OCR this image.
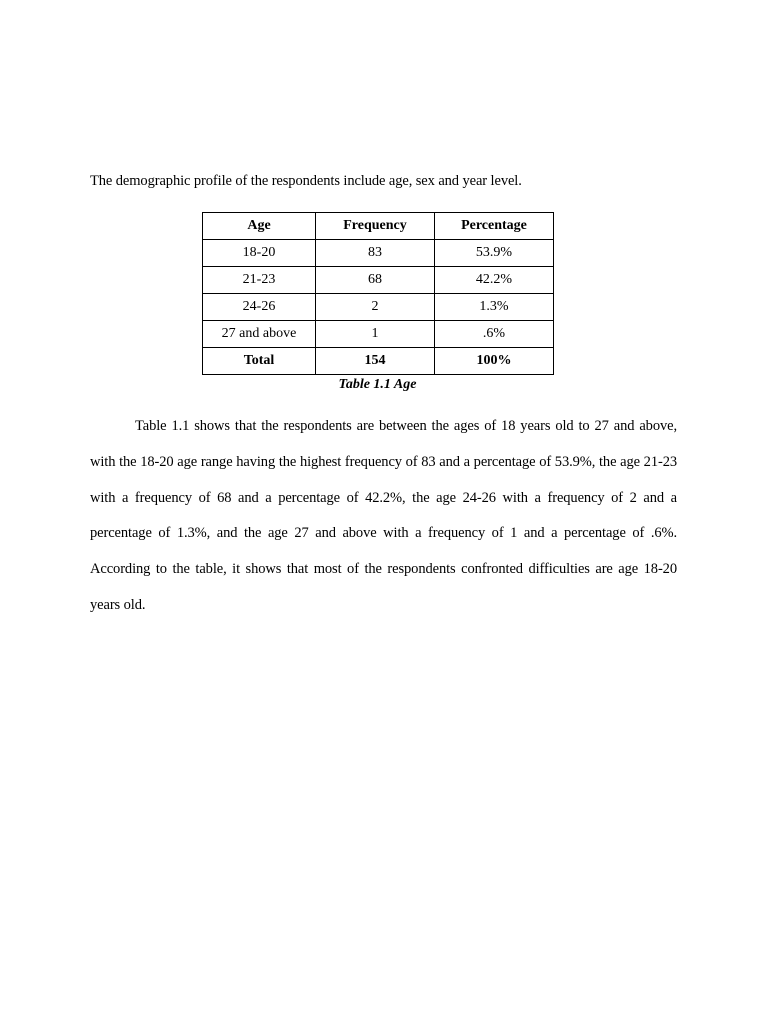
The demographic profile of the respondents include age, sex and year level.
Age	Frequency	Percentage
18-20	83	53.9%
21-23	68	42.2%
24-26	2	1.3%
27 and above	1	.6%
Total	154	100%
Table 1.1 Age

Table 1.1 shows that the respondents are between the ages of 18 years old to 27 and above, with the 18-20 age range having the highest frequency of 83 and a percentage of 53.9%, the age 21-23 with a frequency of 68 and a percentage of 42.2%, the age 24-26 with a frequency of 2 and a percentage of 1.3%, and the age 27 and above with a frequency of 1 and a percentage of .6%. According to the table, it shows that most of the respondents confronted difficulties are age 18-20 years old.
